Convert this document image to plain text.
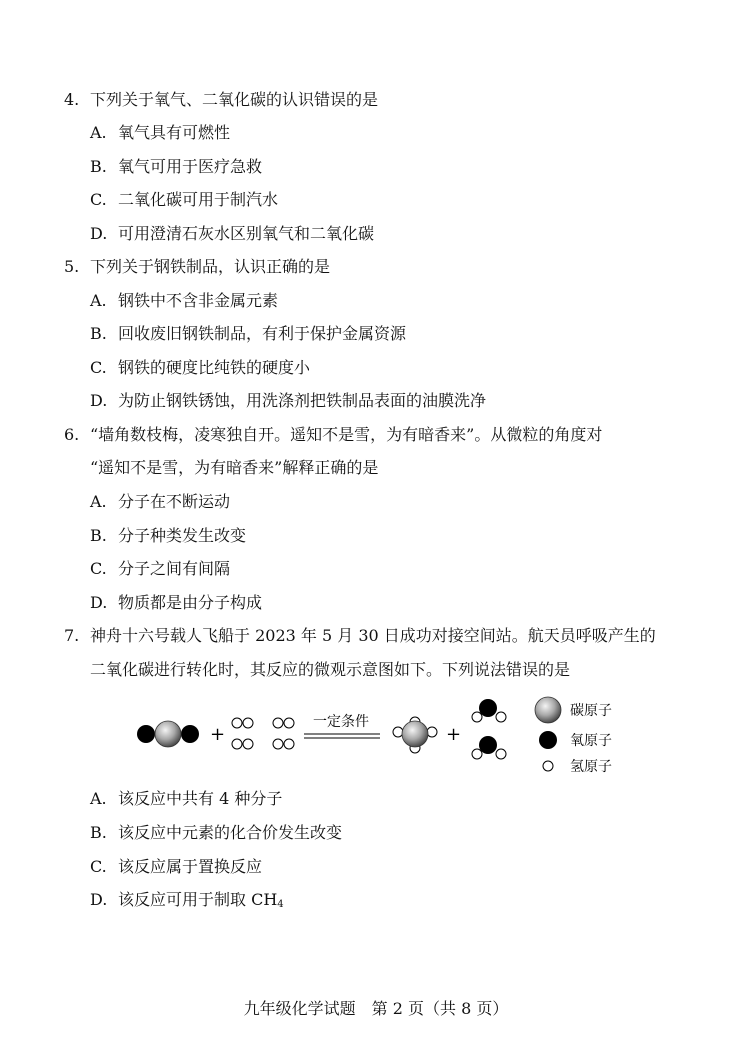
4. 下列关于氧气、二氧化碳的认识错误的是
A. 氧气具有可燃性
B. 氧气可用于医疗急救
C. 二氧化碳可用于制汽水
D. 可用澄清石灰水区别氧气和二氧化碳
5. 下列关于钢铁制品，认识正确的是
A. 钢铁中不含非金属元素
B. 回收废旧钢铁制品，有利于保护金属资源
C. 钢铁的硬度比纯铁的硬度小
D. 为防止钢铁锈蚀，用洗涤剂把铁制品表面的油膜洗净
6. “墙角数枝梅，凌寒独自开。遥知不是雪，为有暗香来”。从微粒的角度对
“遥知不是雪，为有暗香来”解释正确的是
A. 分子在不断运动
B. 分子种类发生改变
C. 分子之间有间隔
D. 物质都是由分子构成
7. 神舟十六号载人飞船于 2023 年 5 月 30 日成功对接空间站。航天员呼吸产生的
二氧化碳进行转化时，其反应的微观示意图如下。下列说法错误的是
+
一定条件
+
碳原子
氧原子
氢原子
A. 该反应中共有 4 种分子
B. 该反应中元素的化合价发生改变
C. 该反应属于置换反应
D. 该反应可用于制取 $CH_4$
九年级化学试题　第 2 页（共 8 页）
